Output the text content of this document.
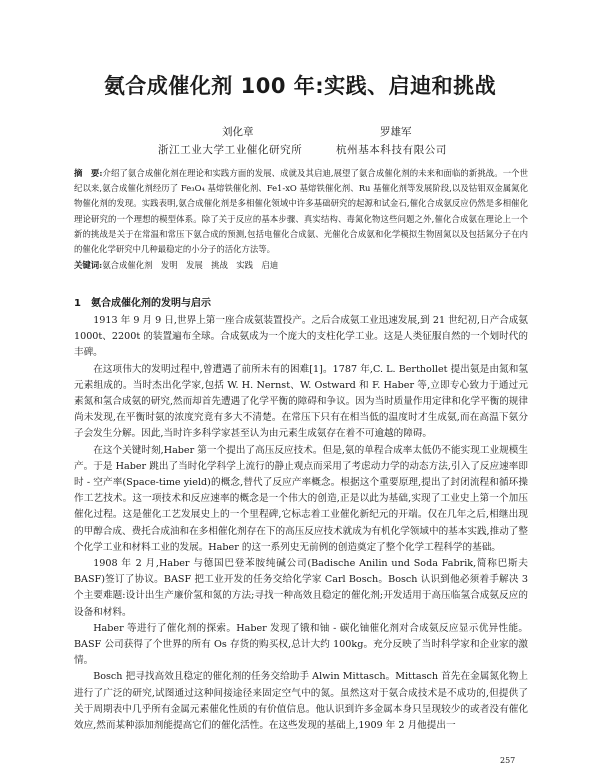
氨合成催化剂 100 年:实践、启迪和挑战
刘化章	罗雄军
浙江工业大学工业催化研究所	杭州基本科技有限公司
摘　要:介绍了氨合成催化剂在理论和实践方面的发展、成就及其启迪,展望了氨合成催化剂的未来和面临的新挑战。一个世纪以来,氨合成催化剂经历了 Fe₃O₄ 基熔铁催化剂、Fe1-xO 基熔铁催化剂、Ru 基催化剂等发展阶段,以及钴钼双金属氮化物催化剂的发现。实践表明,氨合成催化剂是多相催化领域中许多基础研究的起源和试金石,催化合成氨反应仍然是多相催化理论研究的一个理想的模型体系。除了关于反应的基本步骤、真实结构、毒氮化物这些问题之外,催化合成氨在理论上一个新的挑战是关于在常温和常压下氨合成的预测,包括电催化合成氨、光催化合成氨和化学模拟生物固氮以及包括氮分子在内的催化化学研究中几种最稳定的小分子的活化方法等。
关键词:氨合成催化剂　发明　发展　挑战　实践　启迪
1　氨合成催化剂的发明与启示

1913 年 9 月 9 日,世界上第一座合成氨装置投产。之后合成氨工业迅速发展,到 21 世纪初,日产合成氨 1000t、2200t 的装置遍布全球。合成氨成为一个庞大的支柱化学工业。这是人类征服自然的一个划时代的丰碑。

在这项伟大的发明过程中,曾遭遇了前所未有的困难[1]。1787 年,C. L. Berthollet 提出氨是由氮和氢元素组成的。当时杰出化学家,包括 W. H. Nernst、W. Ostward 和 F. Haber 等,立即专心致力于通过元素氮和氢合成氨的研究,然而却首先遭遇了化学平衡的障碍和争议。因为当时质量作用定律和化学平衡的规律尚未发现,在平衡时氨的浓度究竟有多大不清楚。在常压下只有在相当低的温度时才生成氨,而在高温下氨分子会发生分解。因此,当时许多科学家甚至认为由元素生成氨存在着不可逾越的障碍。

在这个关键时刻,Haber 第一个提出了高压反应技术。但是,氨的单程合成率太低仍不能实现工业规模生产。于是 Haber 跳出了当时化学科学上流行的静止观点而采用了考虑动力学的动态方法,引入了反应速率即时 - 空产率(Space-time yield)的概念,替代了反应产率概念。根据这个重要原理,提出了封闭流程和循环操作工艺技术。这一项技术和反应速率的概念是一个伟大的创造,正是以此为基础,实现了工业史上第一个加压催化过程。这是催化工艺发展史上的一个里程碑,它标志着工业催化新纪元的开端。仅在几年之后,相继出现的甲醇合成、费托合成油和在多相催化剂存在下的高压反应技术就成为有机化学领域中的基本实践,推动了整个化学工业和材料工业的发展。Haber 的这一系列史无前例的创造奠定了整个化学工程科学的基础。

1908 年 2 月,Haber 与德国巴登苯胺纯碱公司(Badische Anilin und Soda Fabrik,简称巴斯夫 BASF)签订了协议。BASF 把工业开发的任务交给化学家 Carl Bosch。Bosch 认识到他必须着手解决 3 个主要难题:设计出生产廉价氢和氮的方法;寻找一种高效且稳定的催化剂;开发适用于高压临氢合成氨反应的设备和材料。

Haber 等进行了催化剂的探索。Haber 发现了锇和铀 - 碳化铀催化剂对合成氨反应显示优异性能。BASF 公司获得了个世界的所有 Os 存货的购买权,总计大约 100kg。充分反映了当时科学家和企业家的激情。

Bosch 把寻找高效且稳定的催化剂的任务交给助手 Alwin Mittasch。Mittasch 首先在金属氮化物上进行了广泛的研究,试图通过这种间接途径来固定空气中的氮。虽然这对于氨合成技术是不成功的,但提供了关于周期表中几乎所有金属元素催化性质的有价值信息。他认识到许多金属本身只呈现较少的或者没有催化效应,然而某种添加剂能提高它们的催化活性。在这些发现的基础上,1909 年 2 月他提出一

257
